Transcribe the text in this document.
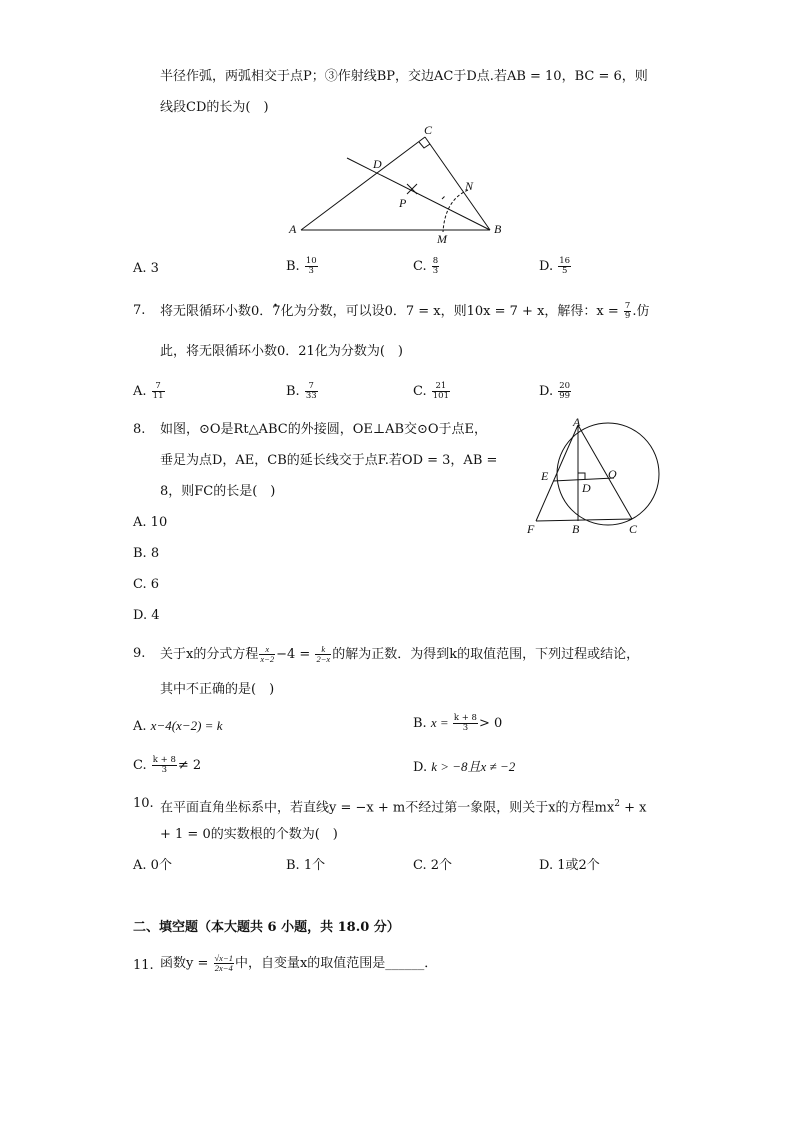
半径作弧，两弧相交于点P；③作射线BP，交边AC于D点.若AB = 10，BC = 6，则
线段CD的长为(　)
A	B
C
D
N
P
M
A. 3	B. $\frac{10}{3}$	C. $\frac{8}{3}$	D. $\frac{16}{5}$
7. 将无限循环小数0．7化为分数，可以设0．7 = x，则10x = 7 + x，解得：$x = \frac{7}{9}$ .仿
此，将无限循环小数0．21化为分数为(　)
A. $\frac{7}{11}$	B. $\frac{7}{33}$	C. $\frac{21}{101}$	D. $\frac{20}{99}$
8. 如图，⊙O是Rt△ABC的外接圆，OE⊥AB交⊙O于点E，
垂足为点D，AE，CB的延长线交于点F.若OD = 3，AB =
8，则FC的长是(　)
A
E
D
O
F	B	C
A. 10
B. 8
C. 6
D. 4
9. 关于x的分式方程 $\frac{x}{x-2} -4 = \frac{k}{2-x}$ 的解为正数．为得到k的取值范围，下列过程或结论，
其中不正确的是(　)
A. x−4(x−2) = k	B. $x = \frac{k + 8}{3} > 0$
C. $\frac{k + 8}{3} \ne 2$	D. k > −8且x ≠ −2
10. 在平面直角坐标系中，若直线y = −x + m不经过第一象限，则关于x的方程$mx^2 + x$
+ 1 = 0的实数根的个数为(　)
A. 0个	B. 1个	C. 2个	D. 1或2个
二、填空题（本大题共 6 小题，共 18.0 分）
11. 函数$y = \frac{√x-1}{2x-4}$ 中，自变量x的取值范围是______．
